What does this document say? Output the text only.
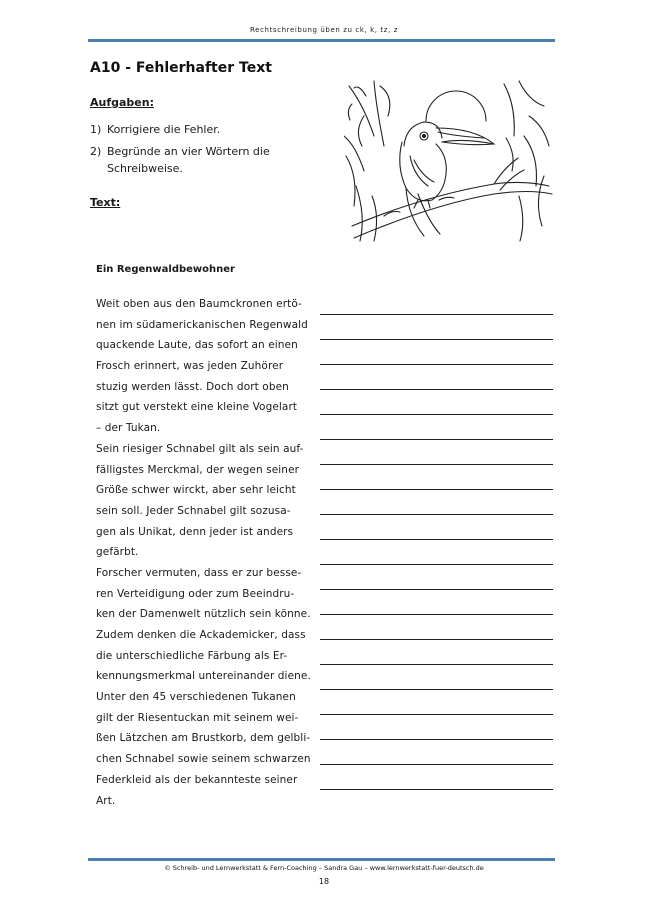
Rechtschreibung üben zu ck, k, tz, z
A10 - Fehlerhafter Text
Aufgaben:
1) Korrigiere die Fehler.
2) Begründe an vier Wörtern die Schreibweise.
Text:
Ein Regenwaldbewohner
Weit oben aus den Baumckronen ertö-
nen im südamerickanischen Regenwald
quackende Laute, das sofort an einen
Frosch erinnert, was jeden Zuhörer
stuzig werden lässt. Doch dort oben
sitzt gut verstekt eine kleine Vogelart
– der Tukan.
Sein riesiger Schnabel gilt als sein auf-
fälligstes Merckmal, der wegen seiner
Größe schwer wirckt, aber sehr leicht
sein soll. Jeder Schnabel gilt sozusa-
gen als Unikat, denn jeder ist anders
gefärbt.
Forscher vermuten, dass er zur besse-
ren Verteidigung oder zum Beeindru-
ken der Damenwelt nützlich sein könne.
Zudem denken die Ackademicker, dass
die unterschiedliche Färbung als Er-
kennungsmerkmal untereinander diene.
Unter den 45 verschiedenen Tukanen
gilt der Riesentuckan mit seinem wei-
ßen Lätzchen am Brustkorb, dem gelbli-
chen Schnabel sowie seinem schwarzen
Federkleid als der bekannteste seiner
Art.
© Schreib- und Lernwerkstatt & Fern-Coaching – Sandra Gau – www.lernwerkstatt-fuer-deutsch.de
18
